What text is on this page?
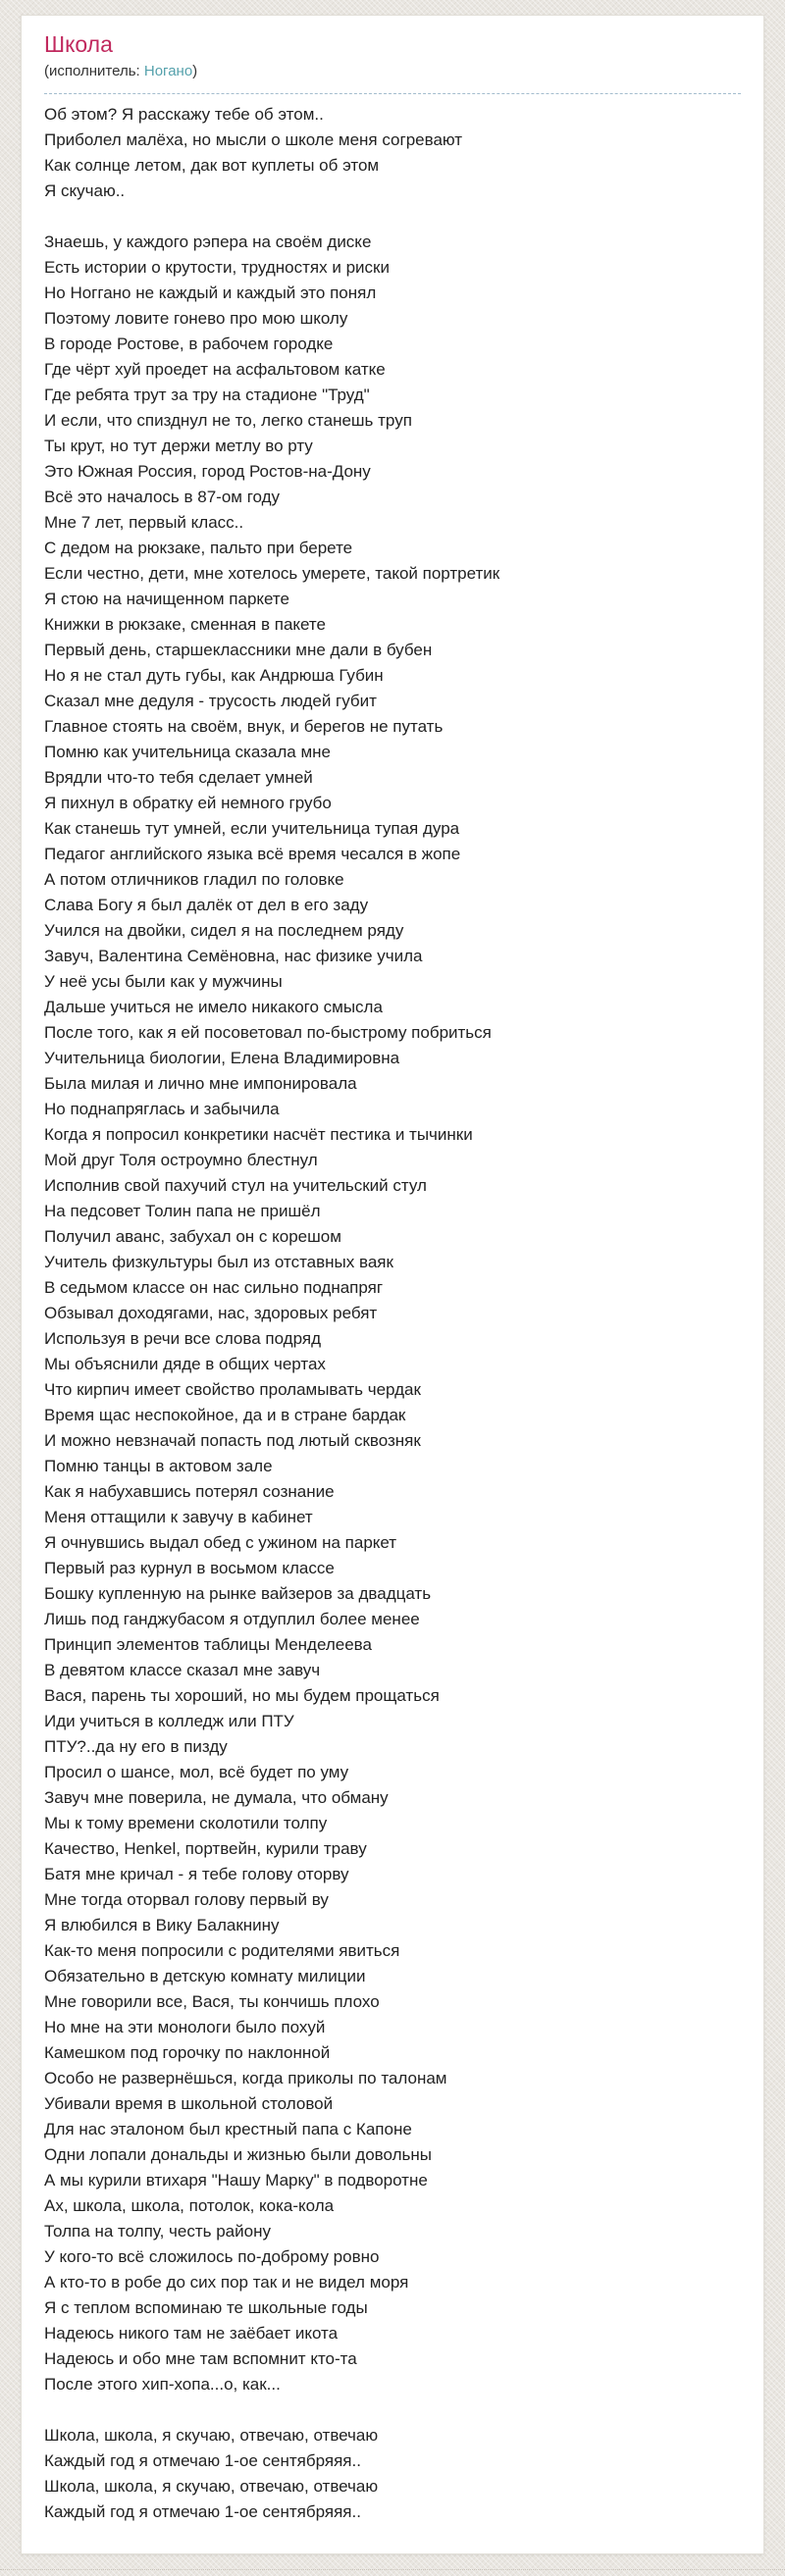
Школа
(исполнитель: Ногано)
Об этом? Я расскажу тебе об этом..
Приболел малёха, но мысли о школе меня согревают
Как солнце летом, дак вот куплеты об этом
Я скучаю..
Знаешь, у каждого рэпера на своём диске
Есть истории о крутости, трудностях и риски
Но Ноггано не каждый и каждый это понял
Поэтому ловите гонево про мою школу
В городе Ростове, в рабочем городке
Где чёрт хуй проедет на асфальтовом катке
Где ребята трут за тру на стадионе "Труд"
И если, что спизднул не то, легко станешь труп
Ты крут, но тут держи метлу во рту
Это Южная Россия, город Ростов-на-Дону
Всё это началось в 87-ом году
Мне 7 лет, первый класс..
С дедом на рюкзаке, пальто при берете
Если честно, дети, мне хотелось умерете, такой портретик
Я стою на начищенном паркете
Книжки в рюкзаке, сменная в пакете
Первый день, старшеклассники мне дали в бубен
Но я не стал дуть губы, как Андрюша Губин
Сказал мне дедуля - трусость людей губит
Главное стоять на своём, внук, и берегов не путать
Помню как учительница сказала мне
Врядли что-то тебя сделает умней
Я пихнул в обратку ей немного грубо
Как станешь тут умней, если учительница тупая дура
Педагог английского языка всё время чесался в жопе
А потом отличников гладил по головке
Слава Богу я был далёк от дел в его заду
Учился на двойки, сидел я на последнем ряду
Завуч, Валентина Семёновна, нас физике учила
У неё усы были как у мужчины
Дальше учиться не имело никакого смысла
После того, как я ей посоветовал по-быстрому побриться
Учительница биологии, Елена Владимировна
Была милая и лично мне импонировала
Но поднапряглась и забычила
Когда я попросил конкретики насчёт пестика и тычинки
Мой друг Толя остроумно блестнул
Исполнив свой пахучий стул на учительский стул
На педсовет Толин папа не пришёл
Получил аванс, забухал он с корешом
Учитель физкультуры был из отставных ваяк
В седьмом классе он нас сильно поднапряг
Обзывал доходягами, нас, здоровых ребят
Используя в речи все слова подряд
Мы объяснили дяде в общих чертах
Что кирпич имеет свойство проламывать чердак
Время щас неспокойное, да и в стране бардак
И можно невзначай попасть под лютый сквозняк
Помню танцы в актовом зале
Как я набухавшись потерял сознание
Меня оттащили к завучу в кабинет
Я очнувшись выдал обед с ужином на паркет
Первый раз курнул в восьмом классе
Бошку купленную на рынке вайзеров за двадцать
Лишь под ганджубасом я отдуплил более менее
Принцип элементов таблицы Менделеева
В девятом классе сказал мне завуч
Вася, парень ты хороший, но мы будем прощаться
Иди учиться в колледж или ПТУ
ПТУ?..да ну его в пизду
Просил о шансе, мол, всё будет по уму
Завуч мне поверила, не думала, что обману
Мы к тому времени сколотили толпу
Качество, Henkel, портвейн, курили траву
Батя мне кричал - я тебе голову оторву
Мне тогда оторвал голову первый ву
Я влюбился в Вику Балакнину
Как-то меня попросили с родителями явиться
Обязательно в детскую комнату милиции
Мне говорили все, Вася, ты кончишь плохо
Но мне на эти монологи было похуй
Камешком под горочку по наклонной
Особо не развернёшься, когда приколы по талонам
Убивали время в школьной столовой
Для нас эталоном был крестный папа с Капоне
Одни лопали дональды и жизнью были довольны
А мы курили втихаря "Нашу Марку" в подворотне
Ах, школа, школа, потолок, кока-кола
Толпа на толпу, честь району
У кого-то всё сложилось по-доброму ровно
А кто-то в робе до сих пор так и не видел моря
Я с теплом вспоминаю те школьные годы
Надеюсь никого там не заёбает икота
Надеюсь и обо мне там вспомнит кто-та
После этого хип-хопа...о, как...
Школа, школа, я скучаю, отвечаю, отвечаю
Каждый год я отмечаю 1-ое сентябряяя..
Школа, школа, я скучаю, отвечаю, отвечаю
Каждый год я отмечаю 1-ое сентябряяя..
